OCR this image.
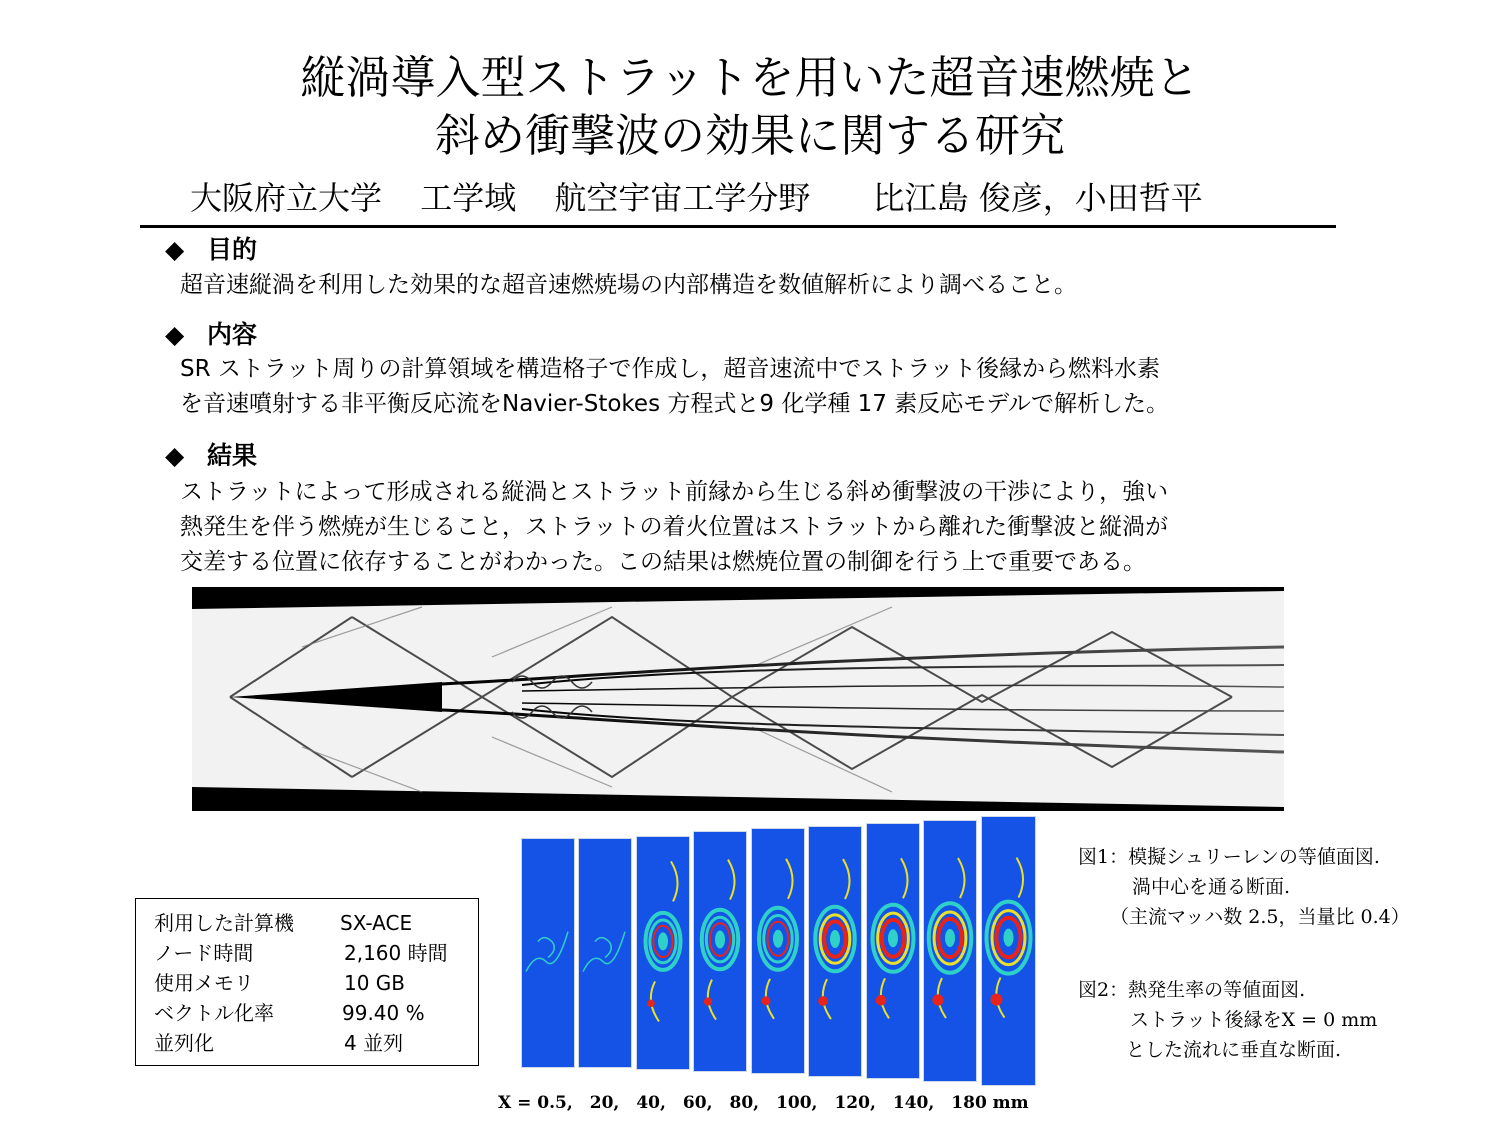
縦渦導入型ストラットを用いた超音速燃焼と
斜め衝撃波の効果に関する研究
大阪府立大学 工学域 航空宇宙工学分野 比江島 俊彦，小田哲平
◆ 目的
超音速縦渦を利用した効果的な超音速燃焼場の内部構造を数値解析により調べること。
◆ 内容
SR ストラット周りの計算領域を構造格子で作成し，超音速流中でストラット後縁から燃料水素
を音速噴射する非平衡反応流をNavier-Stokes 方程式と9 化学種 17 素反応モデルで解析した。
◆ 結果
ストラットによって形成される縦渦とストラット前縁から生じる斜め衝撃波の干渉により，強い
熱発生を伴う燃焼が生じること，ストラットの着火位置はストラットから離れた衝撃波と縦渦が
交差する位置に依存することがわかった。この結果は燃焼位置の制御を行う上で重要である。
X = 0.5,　20,　40,　60,　80,　100,　120,　140,　180 mm
利用した計算機 SX-ACE
ノード時間	2,160 時間
使用メモリ	10 GB
ベクトル化率	99.40 %
並列化	4 並列
図1：模擬シュリーレンの等値面図.
渦中心を通る断面.
（主流マッハ数 2.5，当量比 0.4）
図2：熱発生率の等値面図.
ストラット後縁をX = 0 mm
とした流れに垂直な断面.
